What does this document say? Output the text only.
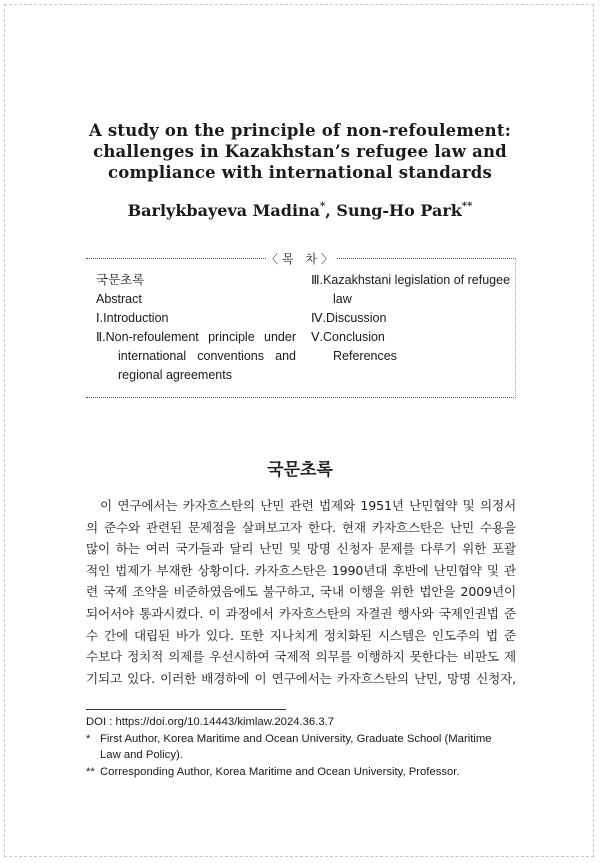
A study on the principle of non-refoulement:
challenges in Kazakhstan’s refugee law and
compliance with international standards
Barlykbayeva Madina*, Sung-Ho Park**
〈목 차〉
국문초록
Abstract
Ⅰ. Introduction
Ⅱ. Non-refoulement principle under
international conventions and
regional agreements
Ⅲ. Kazakhstani legislation of refugee
law
Ⅳ. Discussion
Ⅴ. Conclusion
References
국문초록
이 연구에서는 카자흐스탄의 난민 관련 법제와 1951년 난민협약 및 의정서
의 준수와 관련된 문제점을 살펴보고자 한다. 현재 카자흐스탄은 난민 수용을
많이 하는 여러 국가들과 달리 난민 및 망명 신청자 문제를 다루기 위한 포괄
적인 법제가 부재한 상황이다. 카자흐스탄은 1990년대 후반에 난민협약 및 관
련 국제 조약을 비준하였음에도 불구하고, 국내 이행을 위한 법안을 2009년이
되어서야 통과시켰다. 이 과정에서 카자흐스탄의 자결권 행사와 국제인권법 준
수 간에 대립된 바가 있다. 또한 지나치게 정치화된 시스템은 인도주의 법 준
수보다 정치적 의제를 우선시하여 국제적 의무를 이행하지 못한다는 비판도 제
기되고 있다. 이러한 배경하에 이 연구에서는 카자흐스탄의 난민, 망명 신청자,
DOI : https://doi.org/10.14443/kimlaw.2024.36.3.7
* First Author, Korea Maritime and Ocean University, Graduate School (Maritime
Law and Policy).
** Corresponding Author, Korea Maritime and Ocean University, Professor.
